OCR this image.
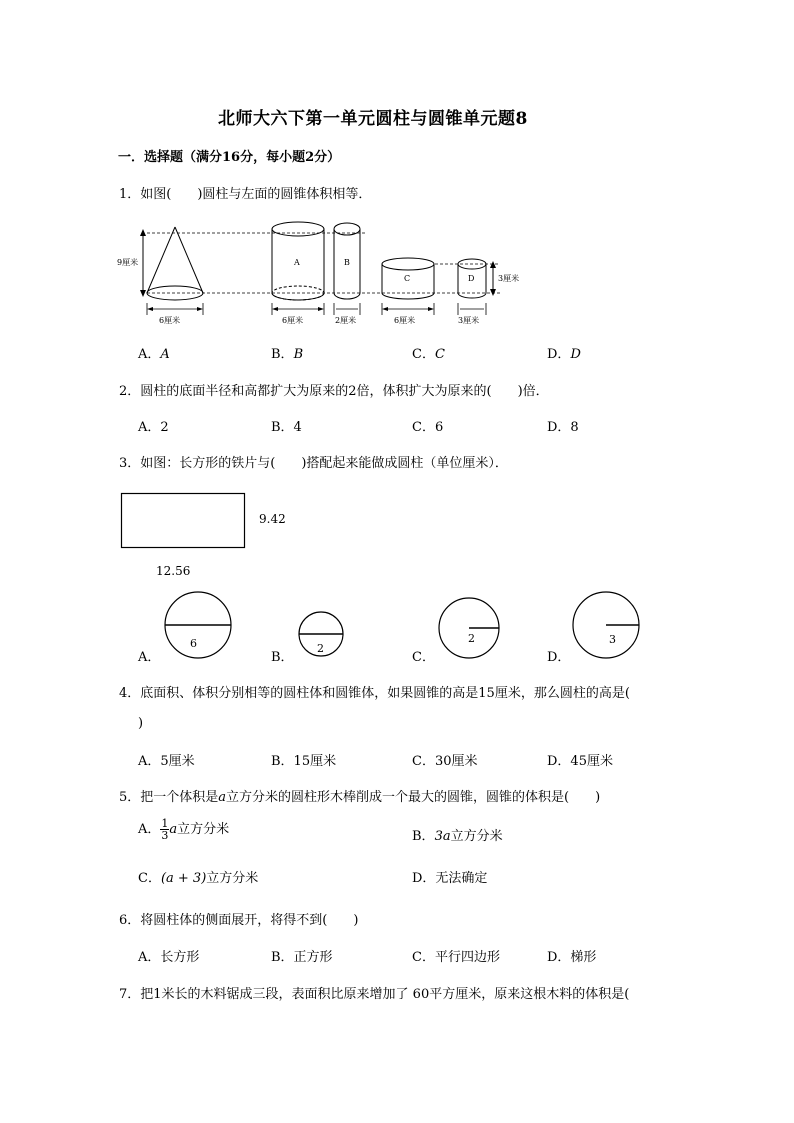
北师大六下第一单元圆柱与圆锥单元题8
一．选择题（满分16分，每小题2分）
1．如图(　　)圆柱与左面的圆锥体积相等．
9厘米
6厘米
A
6厘米
B
2厘米
C
6厘米
D	3厘米
3厘米
A．A	B．B	C．C	D．D
2．圆柱的底面半径和高都扩大为原来的2倍，体积扩大为原来的(　　)倍．
A．2	B．4	C．6	D．8
3．如图：长方形的铁片与(　　)搭配起来能做成圆柱（单位厘米）．
9.42
12.56
A．
6
B．
2
C．
2
D．
3
4．底面积、体积分别相等的圆柱体和圆锥体，如果圆锥的高是15厘米，那么圆柱的高是(
)
A．5厘米	B．15厘米	C．30厘米	D．45厘米
5．把一个体积是a立方分米的圆柱形木棒削成一个最大的圆锥，圆锥的体积是(　　)
A． $\frac{1}{3}$ a立方分米	B．3a立方分米
C．(a + 3)立方分米	D．无法确定
6．将圆柱体的侧面展开，将得不到(　　)
A．长方形	B．正方形	C．平行四边形	D．梯形
7．把1米长的木料锯成三段，表面积比原来增加了 60平方厘米，原来这根木料的体积是(
